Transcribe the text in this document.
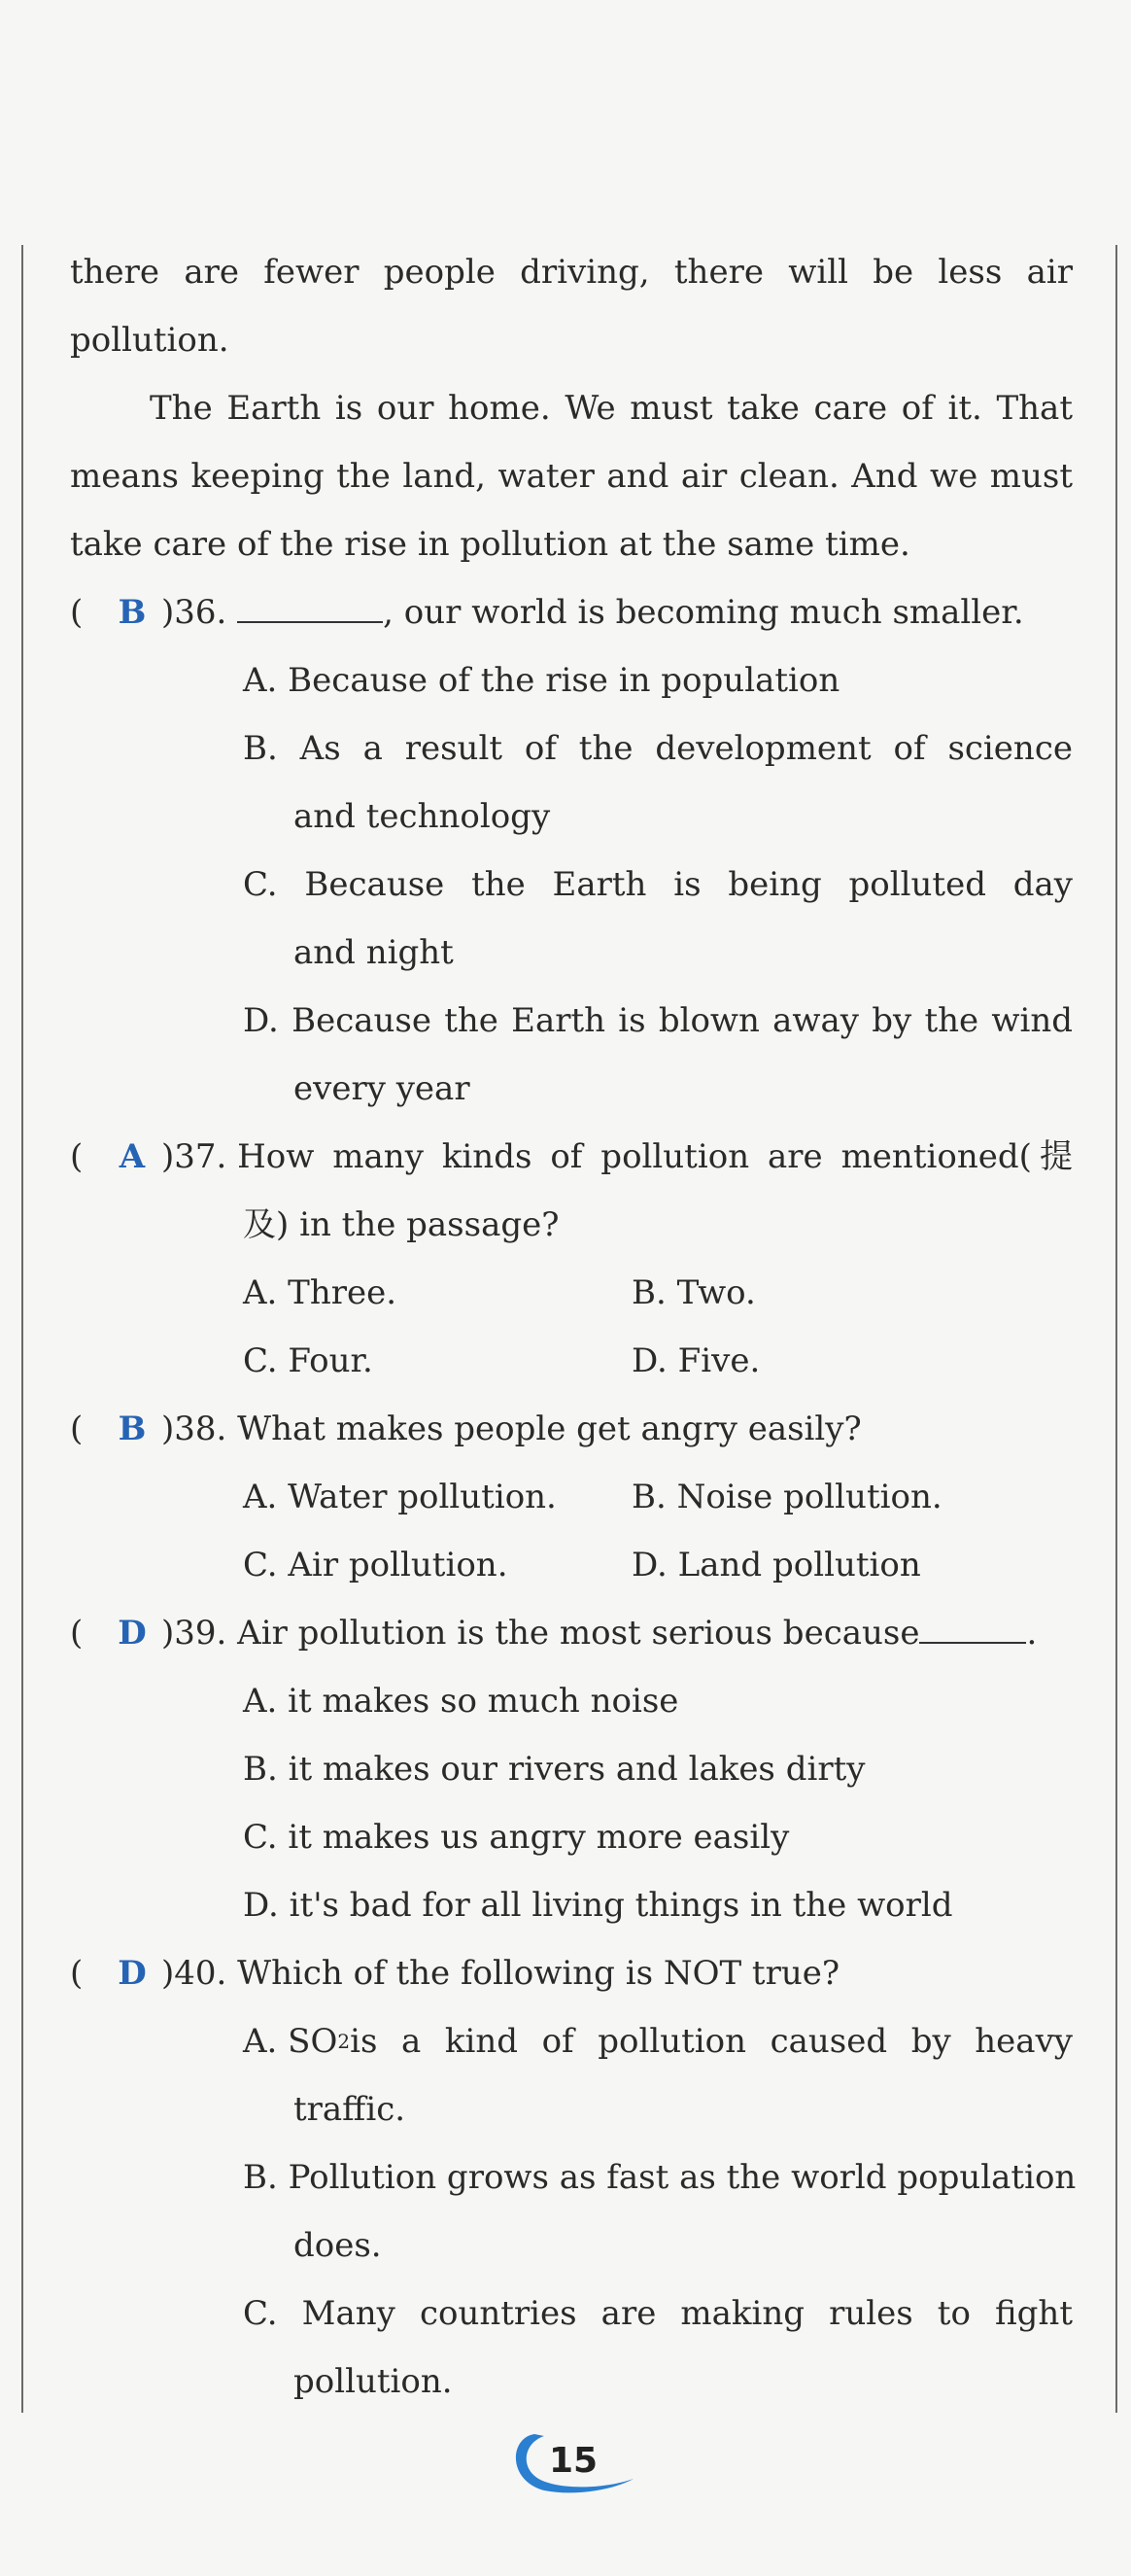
there are fewer people driving, there will be less air
pollution.
The Earth is our home. We must take care of it. That
means keeping the land, water and air clean. And we must
take care of the rise in pollution at the same time.
( B )36.	, our world is becoming much smaller.
A. Because of the rise in population
B. As a result of the development of science
and technology
C. Because the Earth is being polluted day
and night
D. Because the Earth is blown away by the wind
every year
( A ) 37.
How many kinds of pollution are mentioned(提
及) in the passage?
A. Three.	B. Two.
C. Four.	D. Five.
( B )38. What makes people get angry easily?
A. Water pollution. B. Noise pollution.
C. Air pollution.	D. Land pollution
( D )39. Air pollution is the most serious because	.
A. it makes so much noise
B. it makes our rivers and lakes dirty
C. it makes us angry more easily
D. it's bad for all living things in the world
( D )40. Which of the following is NOT true?
A. SO 2 is a kind of pollution caused by heavy
traffic.
B. Pollution grows as fast as the world population
does.
C. Many countries are making rules to fight
pollution.
15
